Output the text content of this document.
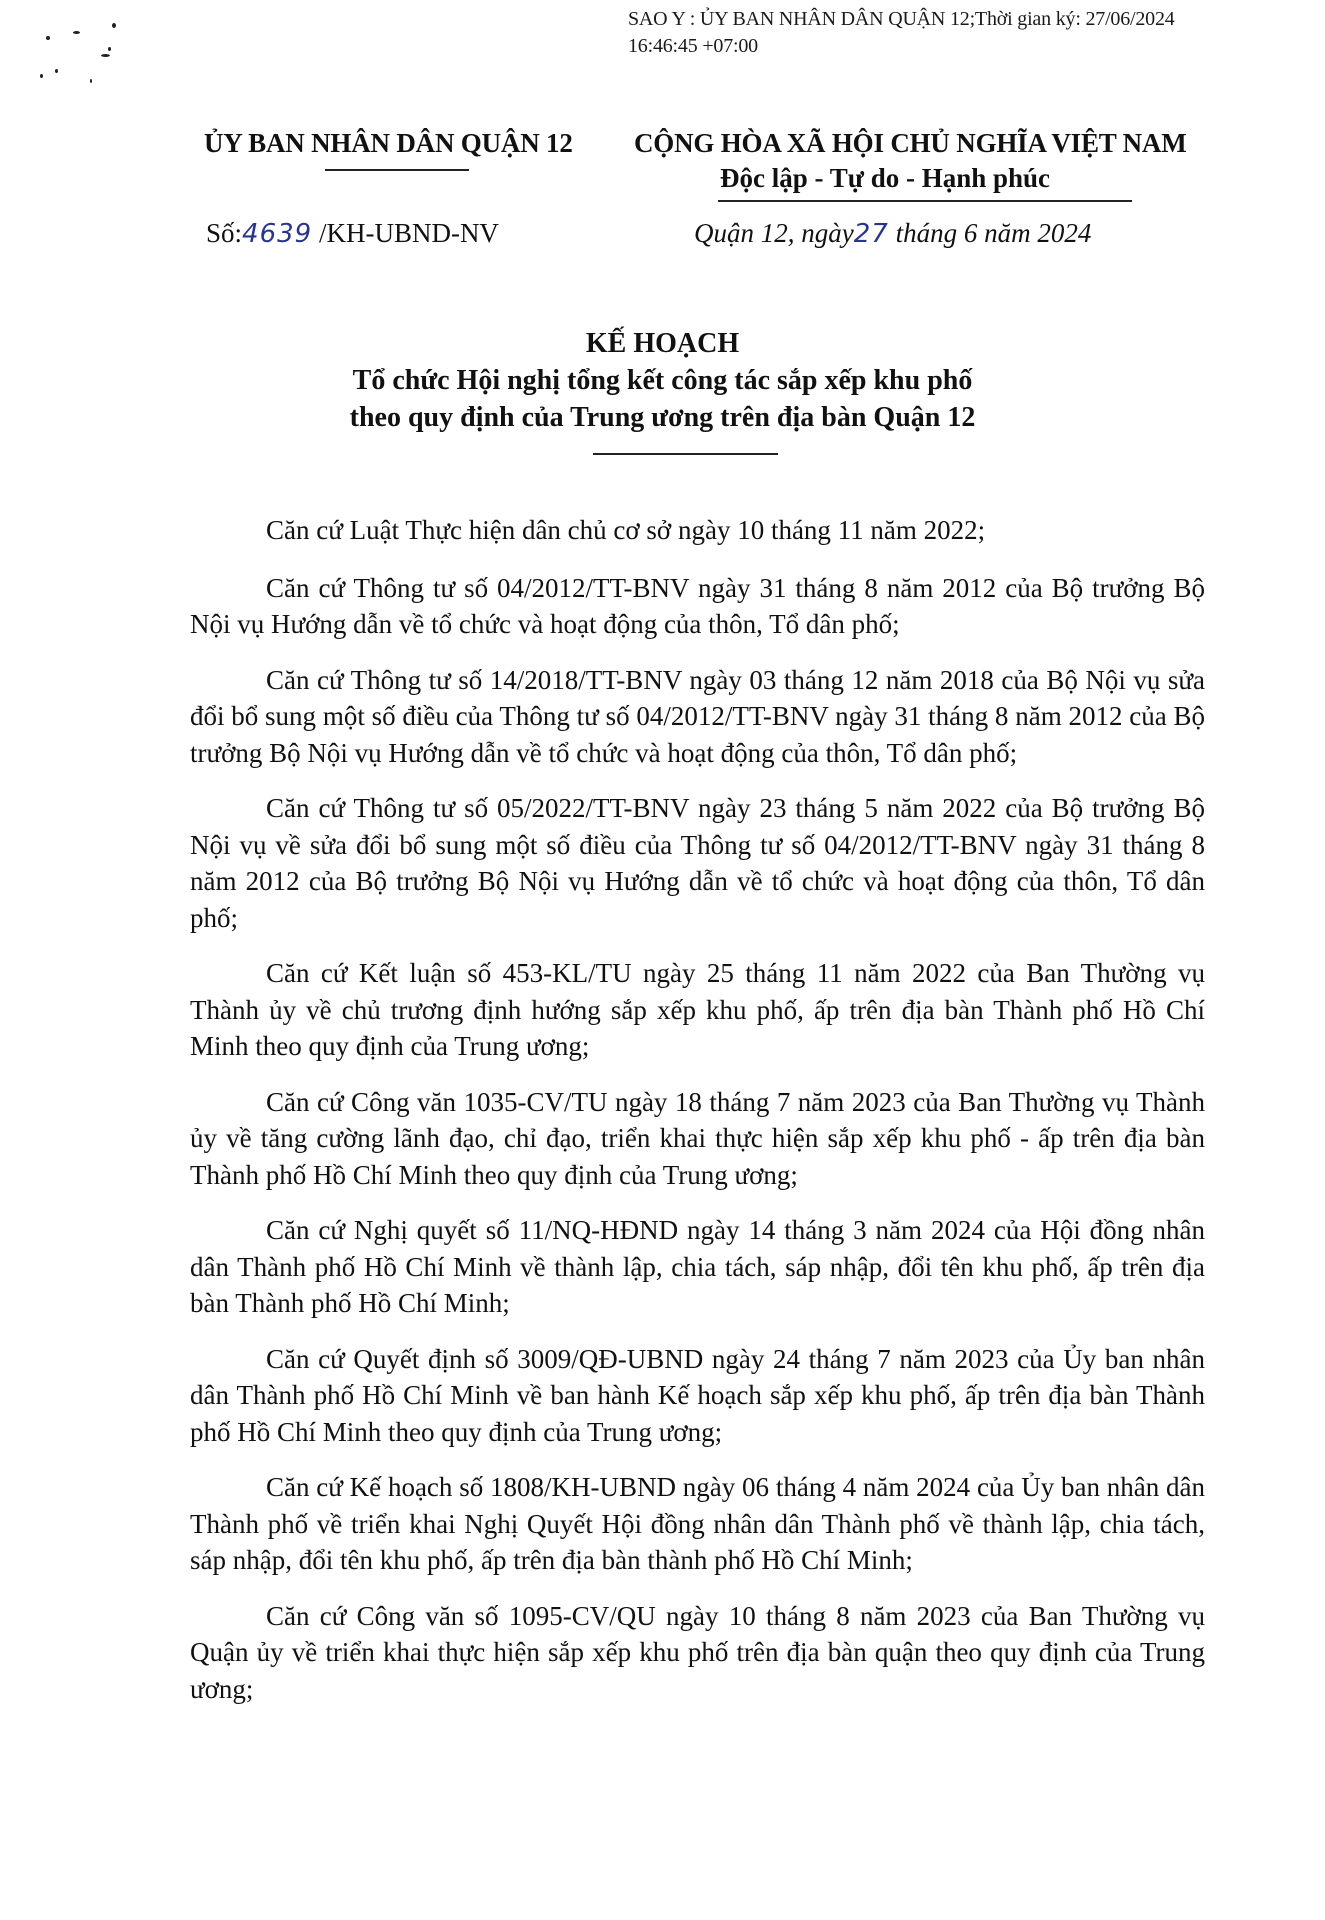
SAO Y : ỦY BAN NHÂN DÂN QUẬN 12;Thời gian ký: 27/06/2024
16:46:45 +07:00
ỦY BAN NHÂN DÂN QUẬN 12 CỘNG HÒA XÃ HỘI CHỦ NGHĨA VIỆT NAM
Độc lập - Tự do - Hạnh phúc
Số:4639 /KH-UBND-NV	Quận 12, ngày27 tháng 6 năm 2024
KẾ HOẠCH
Tổ chức Hội nghị tổng kết công tác sắp xếp khu phố
theo quy định của Trung ương trên địa bàn Quận 12

Căn cứ Luật Thực hiện dân chủ cơ sở ngày 10 tháng 11 năm 2022;

Căn cứ Thông tư số 04/2012/TT-BNV ngày 31 tháng 8 năm 2012 của Bộ trưởng Bộ Nội vụ Hướng dẫn về tổ chức và hoạt động của thôn, Tổ dân phố;

Căn cứ Thông tư số 14/2018/TT-BNV ngày 03 tháng 12 năm 2018 của Bộ Nội vụ sửa đổi bổ sung một số điều của Thông tư số 04/2012/TT-BNV ngày 31 tháng 8 năm 2012 của Bộ trưởng Bộ Nội vụ Hướng dẫn về tổ chức và hoạt động của thôn, Tổ dân phố;

Căn cứ Thông tư số 05/2022/TT-BNV ngày 23 tháng 5 năm 2022 của Bộ trưởng Bộ Nội vụ về sửa đổi bổ sung một số điều của Thông tư số 04/2012/TT-BNV ngày 31 tháng 8 năm 2012 của Bộ trưởng Bộ Nội vụ Hướng dẫn về tổ chức và hoạt động của thôn, Tổ dân phố;

Căn cứ Kết luận số 453-KL/TU ngày 25 tháng 11 năm 2022 của Ban Thường vụ Thành ủy về chủ trương định hướng sắp xếp khu phố, ấp trên địa bàn Thành phố Hồ Chí Minh theo quy định của Trung ương;

Căn cứ Công văn 1035-CV/TU ngày 18 tháng 7 năm 2023 của Ban Thường vụ Thành ủy về tăng cường lãnh đạo, chỉ đạo, triển khai thực hiện sắp xếp khu phố - ấp trên địa bàn Thành phố Hồ Chí Minh theo quy định của Trung ương;

Căn cứ Nghị quyết số 11/NQ-HĐND ngày 14 tháng 3 năm 2024 của Hội đồng nhân dân Thành phố Hồ Chí Minh về thành lập, chia tách, sáp nhập, đổi tên khu phố, ấp trên địa bàn Thành phố Hồ Chí Minh;

Căn cứ Quyết định số 3009/QĐ-UBND ngày 24 tháng 7 năm 2023 của Ủy ban nhân dân Thành phố Hồ Chí Minh về ban hành Kế hoạch sắp xếp khu phố, ấp trên địa bàn Thành phố Hồ Chí Minh theo quy định của Trung ương;

Căn cứ Kế hoạch số 1808/KH-UBND ngày 06 tháng 4 năm 2024 của Ủy ban nhân dân Thành phố về triển khai Nghị Quyết Hội đồng nhân dân Thành phố về thành lập, chia tách, sáp nhập, đổi tên khu phố, ấp trên địa bàn thành phố Hồ Chí Minh;

Căn cứ Công văn số 1095-CV/QU ngày 10 tháng 8 năm 2023 của Ban Thường vụ Quận ủy về triển khai thực hiện sắp xếp khu phố trên địa bàn quận theo quy định của Trung ương;
